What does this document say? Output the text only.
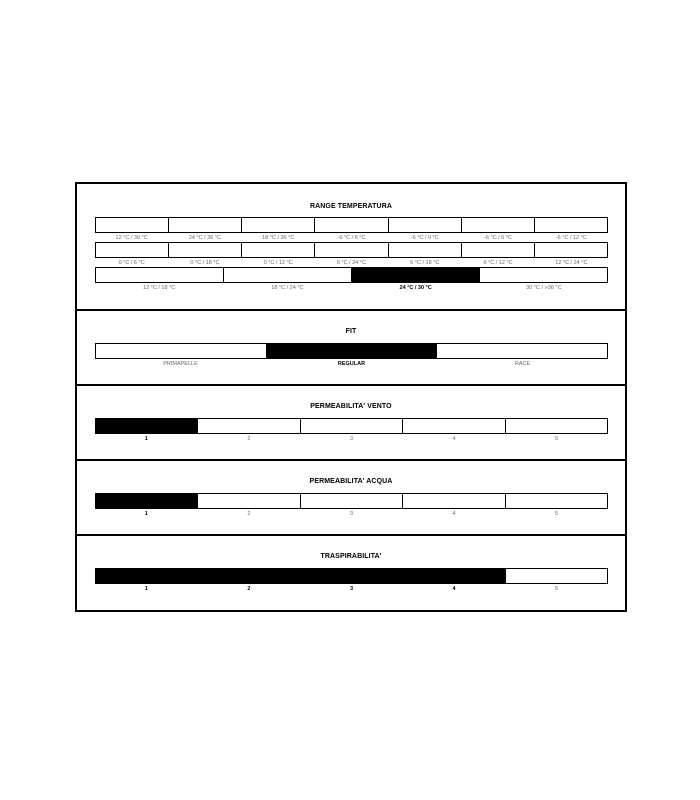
RANGE TEMPERATURA
12 °C / 30 °C	24 °C / 36 °C	18 °C / 36 °C	-6 °C / 6 °C	-6 °C / 0 °C	-6 °C / 6 °C	-6 °C / 12 °C
0 °C / 6 °C	0 °C / 18 °C	0 °C / 12 °C	6 °C / 24 °C	6 °C / 18 °C	6 °C / 12 °C	12 °C / 24 °C
12 °C / 18 °C	18 °C / 24 °C	24 °C / 30 °C	30 °C / >36 °C
FIT
PRIMAPELLE	REGULAR	RACE
PERMEABILITA' VENTO
1	2	3	4	5
PERMEABILITA' ACQUA
1	2	3	4	5
TRASPIRABILITA'
1	2	3	4	5
